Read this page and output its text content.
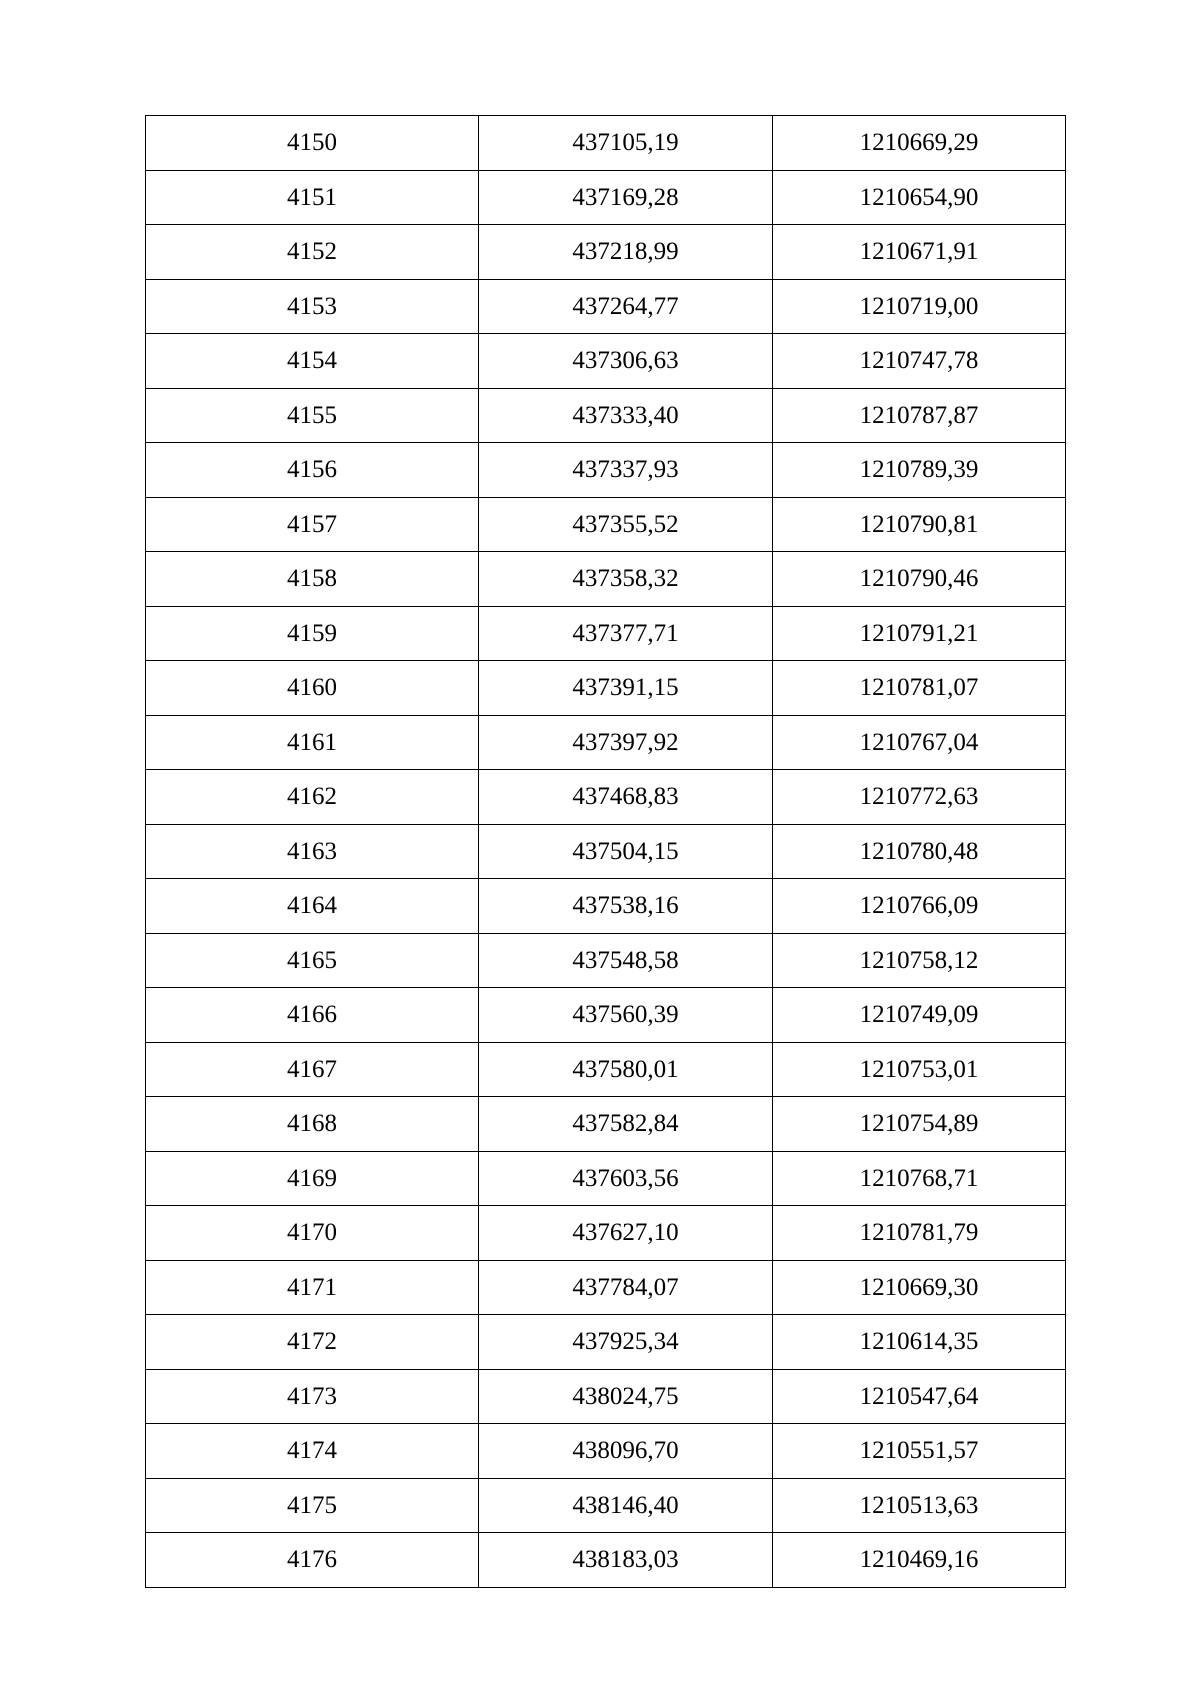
4150	437105,19	1210669,29
4151	437169,28	1210654,90
4152	437218,99	1210671,91
4153	437264,77	1210719,00
4154	437306,63	1210747,78
4155	437333,40	1210787,87
4156	437337,93	1210789,39
4157	437355,52	1210790,81
4158	437358,32	1210790,46
4159	437377,71	1210791,21
4160	437391,15	1210781,07
4161	437397,92	1210767,04
4162	437468,83	1210772,63
4163	437504,15	1210780,48
4164	437538,16	1210766,09
4165	437548,58	1210758,12
4166	437560,39	1210749,09
4167	437580,01	1210753,01
4168	437582,84	1210754,89
4169	437603,56	1210768,71
4170	437627,10	1210781,79
4171	437784,07	1210669,30
4172	437925,34	1210614,35
4173	438024,75	1210547,64
4174	438096,70	1210551,57
4175	438146,40	1210513,63
4176	438183,03	1210469,16
